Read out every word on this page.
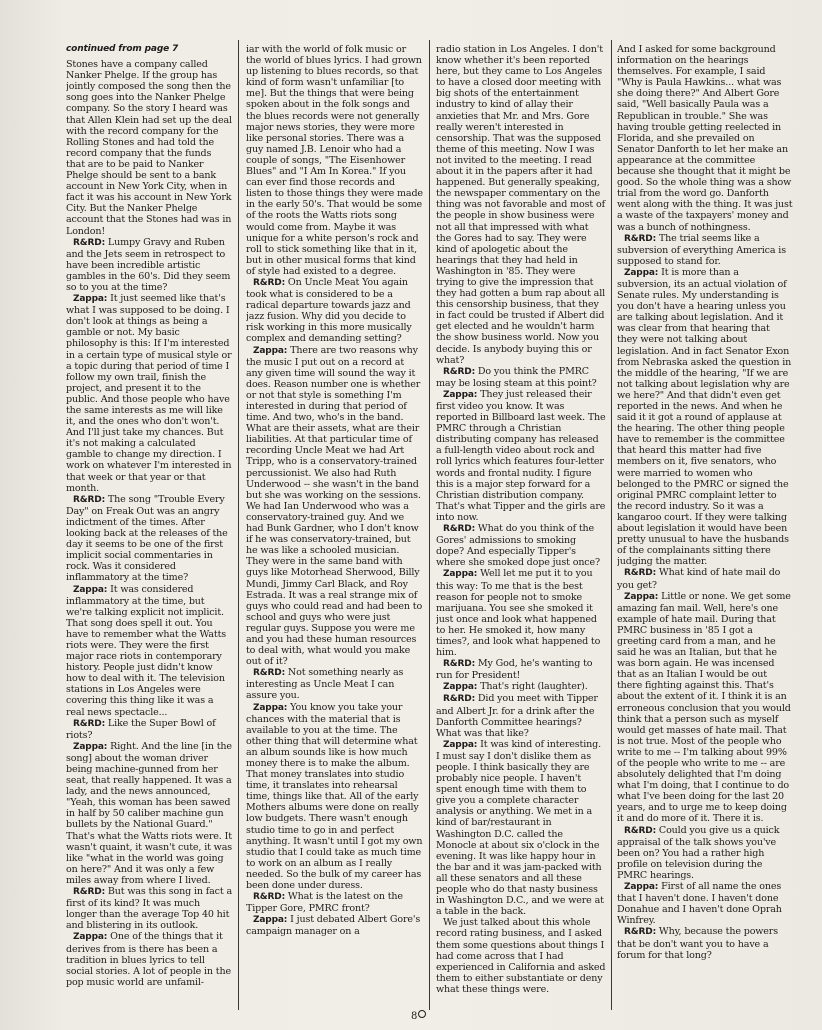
continued from page 7

Stones have a company called Nanker Phelge. If the group has jointly composed the song then the song goes into the Nanker Phelge company. So the story I heard was that Allen Klein had set up the deal with the record company for the Rolling Stones and had told the record company that the funds that are to be paid to Nanker Phelge should be sent to a bank account in New York City, when in fact it was his account in New York City. But the Nanker Phelge account that the Stones had was in London!

R&RD: Lumpy Gravy and Ruben and the Jets seem in retrospect to have been incredible artistic gambles in the 60's. Did they seem so to you at the time?

Zappa: It just seemed like that's what I was supposed to be doing. I don't look at things as being a gamble or not. My basic philosophy is this: If I'm interested in a certain type of musical style or a topic during that period of time I follow my own trail, finish the project, and present it to the public. And those people who have the same interests as me will like it, and the ones who don't won't. And I'll just take my chances. But it's not making a calculated gamble to change my direction. I work on whatever I'm interested in that week or that year or that month.

R&RD: The song "Trouble Every Day" on Freak Out was an angry indictment of the times. After looking back at the releases of the day it seems to be one of the first implicit social commentaries in rock. Was it considered inflammatory at the time?

Zappa: It was considered inflammatory at the time, but we're talking explicit not implicit. That song does spell it out. You have to remember what the Watts riots were. They were the first major race riots in contemporary history. People just didn't know how to deal with it. The television stations in Los Angeles were covering this thing like it was a real news spectacle...

R&RD: Like the Super Bowl of riots?

Zappa: Right. And the line [in the song] about the woman driver being machine-gunned from her seat, that really happened. It was a lady, and the news announced, "Yeah, this woman has been sawed in half by 50 caliber machine gun bullets by the National Guard." That's what the Watts riots were. It wasn't quaint, it wasn't cute, it was like "what in the world was going on here?" And it was only a few miles away from where I lived.

R&RD: But was this song in fact a first of its kind? It was much longer than the average Top 40 hit and blistering in its outlook.

Zappa: One of the things that it derives from is there has been a tradition in blues lyrics to tell social stories. A lot of people in the pop music world are unfamil-

iar with the world of folk music or the world of blues lyrics. I had grown up listening to blues records, so that kind of form wasn't unfamiliar [to me]. But the things that were being spoken about in the folk songs and the blues records were not generally major news stories, they were more like personal stories. There was a guy named J.B. Lenoir who had a couple of songs, "The Eisenhower Blues" and "I Am In Korea." If you can ever find those records and listen to those things they were made in the early 50's. That would be some of the roots the Watts riots song would come from. Maybe it was unique for a white person's rock and roll to stick something like that in it, but in other musical forms that kind of style had existed to a degree.

R&RD: On Uncle Meat You again took what is considered to be a radical departure towards jazz and jazz fusion. Why did you decide to risk working in this more musically complex and demanding setting?

Zappa: There are two reasons why the music I put out on a record at any given time will sound the way it does. Reason number one is whether or not that style is something I'm interested in during that period of time. And two, who's in the band. What are their assets, what are their liabilities. At that particular time of recording Uncle Meat we had Art Tripp, who is a conservatory-trained percussionist. We also had Ruth Underwood -- she wasn't in the band but she was working on the sessions. We had Ian Underwood who was a conservatory-trained guy. And we had Bunk Gardner, who I don't know if he was conservatory-trained, but he was like a schooled musician. They were in the same band with guys like Motorhead Sherwood, Billy Mundi, Jimmy Carl Black, and Roy Estrada. It was a real strange mix of guys who could read and had been to school and guys who were just regular guys. Suppose you were me and you had these human resources to deal with, what would you make out of it?

R&RD: Not something nearly as interesting as Uncle Meat I can assure you.

Zappa: You know you take your chances with the material that is available to you at the time. The other thing that will determine what an album sounds like is how much money there is to make the album. That money translates into studio time, it translates into rehearsal time, things like that. All of the early Mothers albums were done on really low budgets. There wasn't enough studio time to go in and perfect anything. It wasn't until I got my own studio that I could take as much time to work on an album as I really needed. So the bulk of my career has been done under duress.

R&RD: What is the latest on the Tipper Gore, PMRC front?

Zappa: I just debated Albert Gore's campaign manager on a

radio station in Los Angeles. I don't know whether it's been reported here, but they came to Los Angeles to have a closed door meeting with big shots of the entertainment industry to kind of allay their anxieties that Mr. and Mrs. Gore really weren't interested in censorship. That was the supposed theme of this meeting. Now I was not invited to the meeting. I read about it in the papers after it had happened. But generally speaking, the newspaper commentary on the thing was not favorable and most of the people in show business were not all that impressed with what the Gores had to say. They were kind of apologetic about the hearings that they had held in Washington in '85. They were trying to give the impression that they had gotten a bum rap about all this censorship business, that they in fact could be trusted if Albert did get elected and he wouldn't harm the show business world. Now you decide. Is anybody buying this or what?

R&RD: Do you think the PMRC may be losing steam at this point?

Zappa: They just released their first video you know. It was reported in Billboard last week. The PMRC through a Christian distributing company has released a full-length video about rock and roll lyrics which features four-letter words and frontal nudity. I figure this is a major step forward for a Christian distribution company. That's what Tipper and the girls are into now.

R&RD: What do you think of the Gores' admissions to smoking dope? And especially Tipper's where she smoked dope just once?

Zappa: Well let me put it to you this way: To me that is the best reason for people not to smoke marijuana. You see she smoked it just once and look what happened to her. He smoked it, how many times?, and look what happened to him.

R&RD: My God, he's wanting to run for President!

Zappa: That's right (laughter).

R&RD: Did you meet with Tipper and Albert Jr. for a drink after the Danforth Committee hearings? What was that like?

Zappa: It was kind of interesting. I must say I don't dislike them as people. I think basically they are probably nice people. I haven't spent enough time with them to give you a complete character analysis or anything. We met in a kind of bar/restaurant in Washington D.C. called the Monocle at about six o'clock in the evening. It was like happy hour in the bar and it was jam-packed with all these senators and all these people who do that nasty business in Washington D.C., and we were at a table in the back.

We just talked about this whole record rating business, and I asked them some questions about things I had come across that I had experienced in California and asked them to either substantiate or deny what these things were.

And I asked for some background information on the hearings themselves. For example, I said "Why is Paula Hawkins... what was she doing there?" And Albert Gore said, "Well basically Paula was a Republican in trouble." She was having trouble getting reelected in Florida, and she prevailed on Senator Danforth to let her make an appearance at the committee because she thought that it might be good. So the whole thing was a show trial from the word go. Danforth went along with the thing. It was just a waste of the taxpayers' money and was a bunch of nothingness.

R&RD: The trial seems like a subversion of everything America is supposed to stand for.

Zappa: It is more than a subversion, its an actual violation of Senate rules. My understanding is you don't have a hearing unless you are talking about legislation. And it was clear from that hearing that they were not talking about legislation. And in fact Senator Exon from Nebraska asked the question in the middle of the hearing, "If we are not talking about legislation why are we here?" And that didn't even get reported in the news. And when he said it it got a round of applause at the hearing. The other thing people have to remember is the committee that heard this matter had five members on it, five senators, who were married to women who belonged to the PMRC or signed the original PMRC complaint letter to the record industry. So it was a kangaroo court. If they were talking about legislation it would have been pretty unusual to have the husbands of the complainants sitting there judging the matter.

R&RD: What kind of hate mail do you get?

Zappa: Little or none. We get some amazing fan mail. Well, here's one example of hate mail. During that PMRC business in '85 I got a greeting card from a man, and he said he was an Italian, but that he was born again. He was incensed that as an Italian I would be out there fighting against this. That's about the extent of it. I think it is an erroneous conclusion that you would think that a person such as myself would get masses of hate mail. That is not true. Most of the people who write to me -- I'm talking about 99% of the people who write to me -- are absolutely delighted that I'm doing what I'm doing, that I continue to do what I've been doing for the last 20 years, and to urge me to keep doing it and do more of it. There it is.

R&RD: Could you give us a quick appraisal of the talk shows you've been on? You had a rather high profile on television during the PMRC hearings.

Zappa: First of all name the ones that I haven't done. I haven't done Donahue and I haven't done Oprah Winfrey.

R&RD: Why, because the powers that be don't want you to have a forum for that long?

8
